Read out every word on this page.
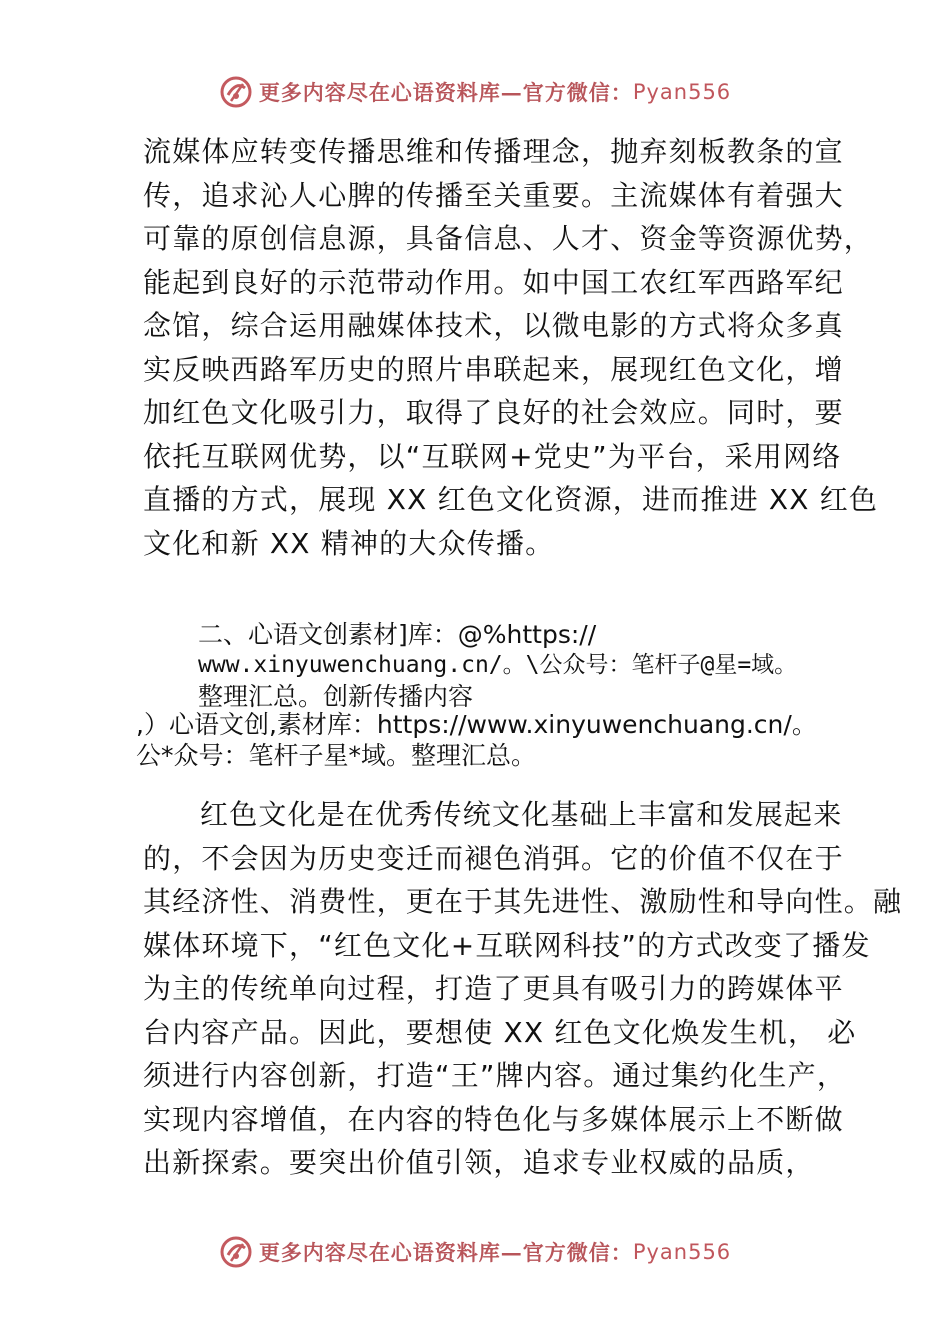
更多内容尽在心语资料库—官方微信： Pyan556

流媒体应转变传播思维和传播理念，抛弃刻板教条的宣

传，追求沁人心脾的传播至关重要。主流媒体有着强大

可靠的原创信息源，具备信息、人才、资金等资源优势，

能起到良好的示范带动作用。如中国工农红军西路军纪

念馆，综合运用融媒体技术，以微电影的方式将众多真

实反映西路军历史的照片串联起来，展现红色文化，增

加红色文化吸引力，取得了良好的社会效应。同时，要

依托互联网优势，以“互联网+党史”为平台，采用网络

直播的方式，展现 XX 红色文化资源，进而推进 XX 红色

文化和新 XX 精神的大众传播。

二、心语文创素材]库：@%https://

www.xinyuwenchuang.cn/。\公众号：笔杆子@星=域。

整理汇总。创新传播内容

,）心语文创,素材库：https://www.xinyuwenchuang.cn/。

公*众号：笔杆子星*域。整理汇总。

红色文化是在优秀传统文化基础上丰富和发展起来

的，不会因为历史变迁而褪色消弭。它的价值不仅在于

其经济性、消费性，更在于其先进性、激励性和导向性。融

媒体环境下，“红色文化+互联网科技”的方式改变了播发

为主的传统单向过程，打造了更具有吸引力的跨媒体平

台内容产品。因此，要想使 XX 红色文化焕发生机， 必

须进行内容创新，打造“王”牌内容。通过集约化生产，

实现内容增值，在内容的特色化与多媒体展示上不断做

出新探索。要突出价值引领，追求专业权威的品质，

更多内容尽在心语资料库—官方微信： Pyan556
